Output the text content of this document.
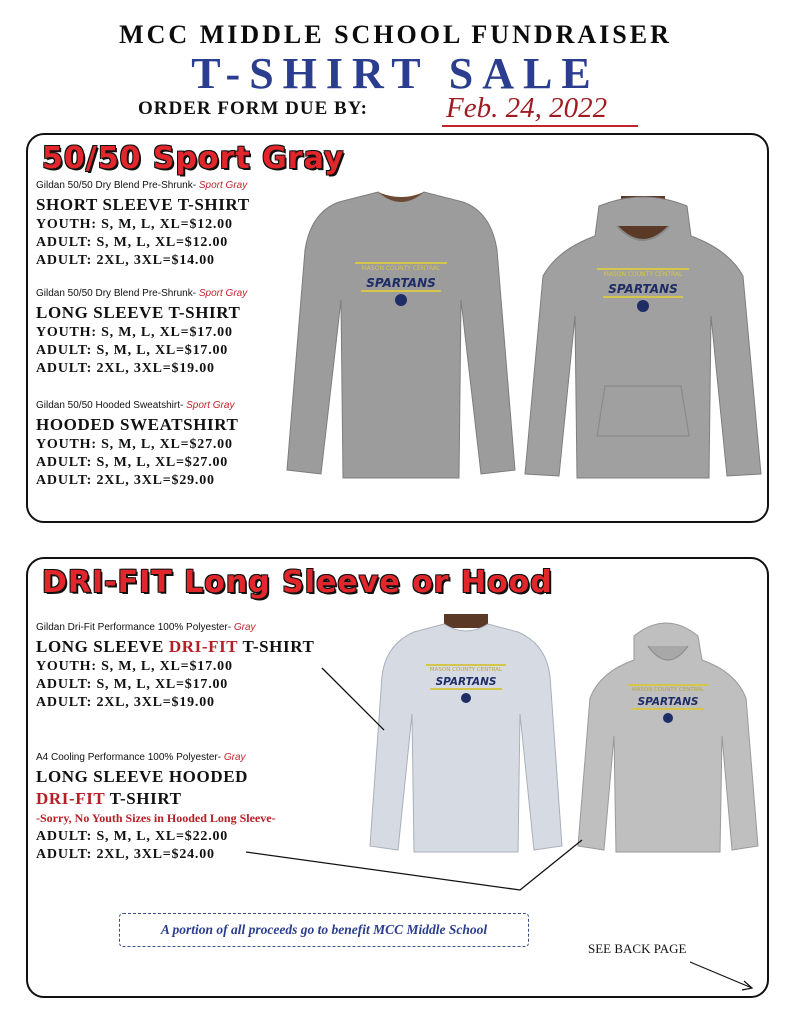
MCC MIDDLE SCHOOL FUNDRAISER
T-SHIRT SALE
ORDER FORM DUE BY:	Feb. 24, 2022
50/50 Sport Gray
Gildan 50/50 Dry Blend Pre-Shrunk- Sport Gray
SHORT SLEEVE T-SHIRT
YOUTH: S, M, L, XL=$12.00
ADULT: S, M, L, XL=$12.00
ADULT: 2XL, 3XL=$14.00
Gildan 50/50 Dry Blend Pre-Shrunk- Sport Gray
LONG SLEEVE T-SHIRT
YOUTH: S, M, L, XL=$17.00
ADULT: S, M, L, XL=$17.00
ADULT: 2XL, 3XL=$19.00
Gildan 50/50 Hooded Sweatshirt- Sport Gray
HOODED SWEATSHIRT
YOUTH: S, M, L, XL=$27.00
ADULT: S, M, L, XL=$27.00
ADULT: 2XL, 3XL=$29.00
MASON COUNTY CENTRAL
SPARTANS
MASON COUNTY CENTRAL
SPARTANS
DRI-FIT Long Sleeve or Hood
Gildan Dri-Fit Performance 100% Polyester- Gray
LONG SLEEVE DRI-FIT T-SHIRT
YOUTH: S, M, L, XL=$17.00
ADULT: S, M, L, XL=$17.00
ADULT: 2XL, 3XL=$19.00
A4 Cooling Performance 100% Polyester- Gray
LONG SLEEVE HOODED
DRI-FIT T-SHIRT
-Sorry, No Youth Sizes in Hooded Long Sleeve-
ADULT: S, M, L, XL=$22.00
ADULT: 2XL, 3XL=$24.00
MASON COUNTY CENTRAL
SPARTANS
MASON COUNTY CENTRAL
SPARTANS
A portion of all proceeds go to benefit MCC Middle School
SEE BACK PAGE
